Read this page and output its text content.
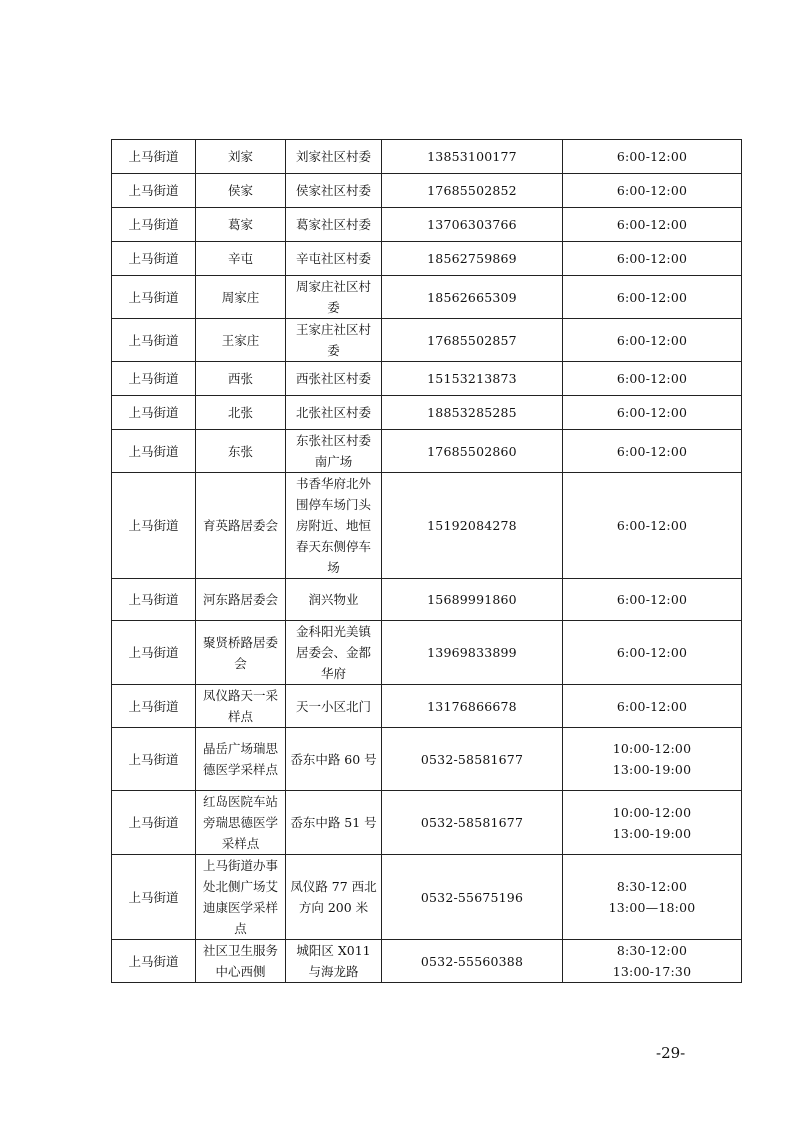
上马街道	刘家	刘家社区村委	13853100177	6:00-12:00

上马街道	侯家	侯家社区村委	17685502852	6:00-12:00

上马街道	葛家	葛家社区村委	13706303766	6:00-12:00

上马街道	辛屯	辛屯社区村委	18562759869	6:00-12:00

上马街道	周家庄	周家庄社区村委	18562665309	6:00-12:00

上马街道	王家庄	王家庄社区村委	17685502857	6:00-12:00

上马街道	西张	西张社区村委	15153213873	6:00-12:00

上马街道	北张	北张社区村委	18853285285	6:00-12:00

上马街道	东张	东张社区村委南广场	17685502860	6:00-12:00

上马街道	育英路居委会	书香华府北外围停车场门头房附近、地恒春天东侧停车场	15192084278	6:00-12:00

上马街道	河东路居委会	润兴物业	15689991860	6:00-12:00

上马街道	聚贤桥路居委会	金科阳光美镇居委会、金都华府	13969833899	6:00-12:00

上马街道	凤仪路天一采样点	天一小区北门	13176866678	6:00-12:00

上马街道	晶岳广场瑞思德医学采样点	岙东中路 60 号	0532-58581677	10:00-12:00
13:00-19:00

上马街道	红岛医院车站旁瑞思德医学采样点	岙东中路 51 号	0532-58581677	10:00-12:00
13:00-19:00

上马街道	上马街道办事处北侧广场艾迪康医学采样点	凤仪路 77 西北方向 200 米	0532-55675196	8:30-12:00
13:00—18:00

上马街道	社区卫生服务中心西侧	城阳区 X011 与海龙路	0532-55560388	8:30-12:00
13:00-17:30
-29-
